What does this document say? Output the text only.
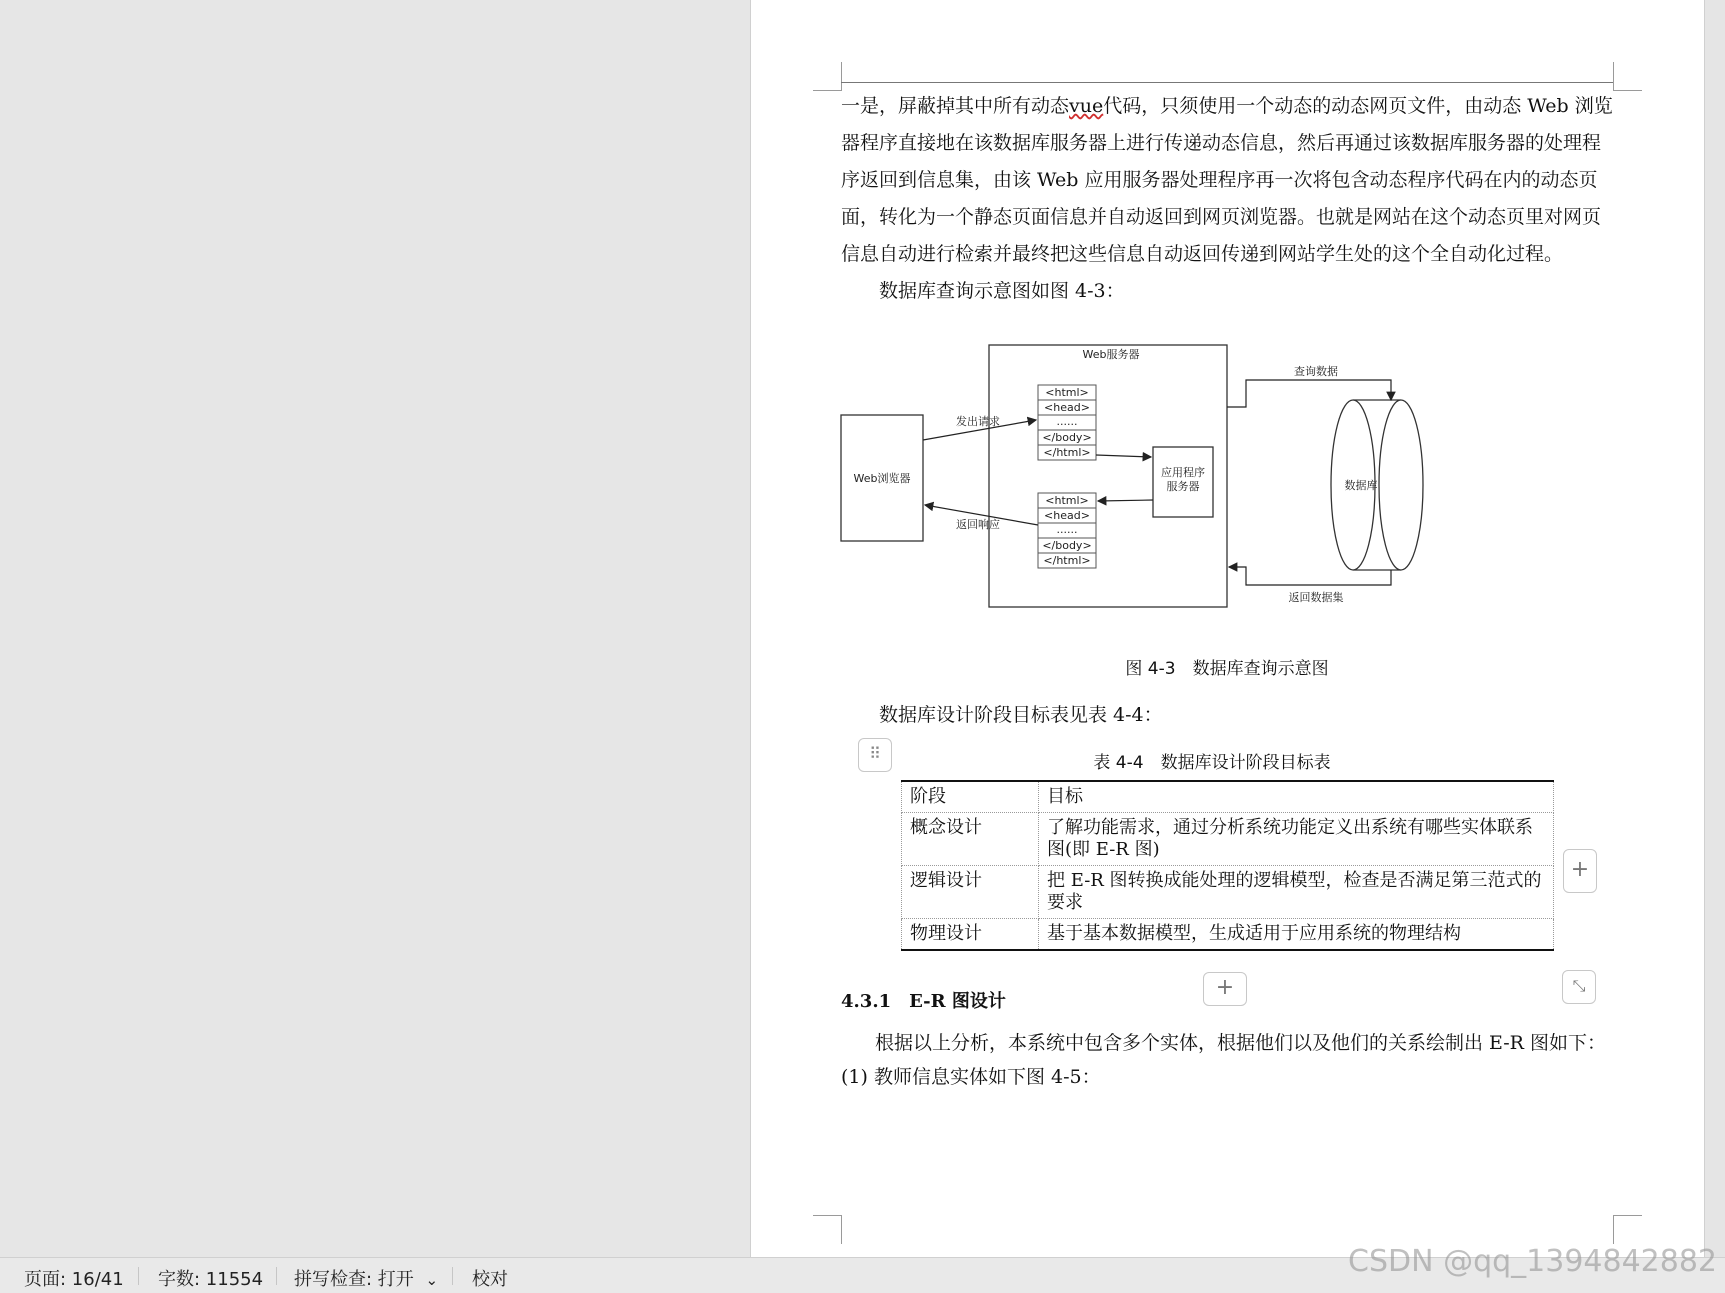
一是，屏蔽掉其中所有动态vue代码，只须使用一个动态的动态网页文件，由动态 Web 浏览器程序直接地在该数据库服务器上进行传递动态信息，然后再通过该数据库服务器的处理程序返回到信息集，由该 Web 应用服务器处理程序再一次将包含动态程序代码在内的动态页面，转化为一个静态页面信息并自动返回到网页浏览器。也就是网站在这个动态页里对网页信息自动进行检索并最终把这些信息自动返回传递到网站学生处的这个全自动化过程。

数据库查询示意图如图 4-3：

Web服务器
Web浏览器	应用程序
服务器
<html>
<head>
......
</body>
</html>
<html>
<head>
......
</body>
</html>
数据库
发出请求
返回响应
查询数据
返回数据集
图 4-3　数据库查询示意图
数据库设计阶段目标表见表 4-4：
表 4-4　数据库设计阶段目标表
⠿
阶段	目标
概念设计	了解功能需求，通过分析系统功能定义出系统有哪些实体联系图(即 E-R 图)
逻辑设计	把 E-R 图转换成能处理的逻辑模型，检查是否满足第三范式的要求
物理设计	基于基本数据模型，生成适用于应用系统的物理结构
+
+	⤡
4.3.1　E-R 图设计
根据以上分析，本系统中包含多个实体，根据他们以及他们的关系绘制出 E-R 图如下：
(1) 教师信息实体如下图 4-5：
页面: 16/41 字数: 11554 拼写检查: 打开 ⌄ 校对
CSDN @qq_1394842882
